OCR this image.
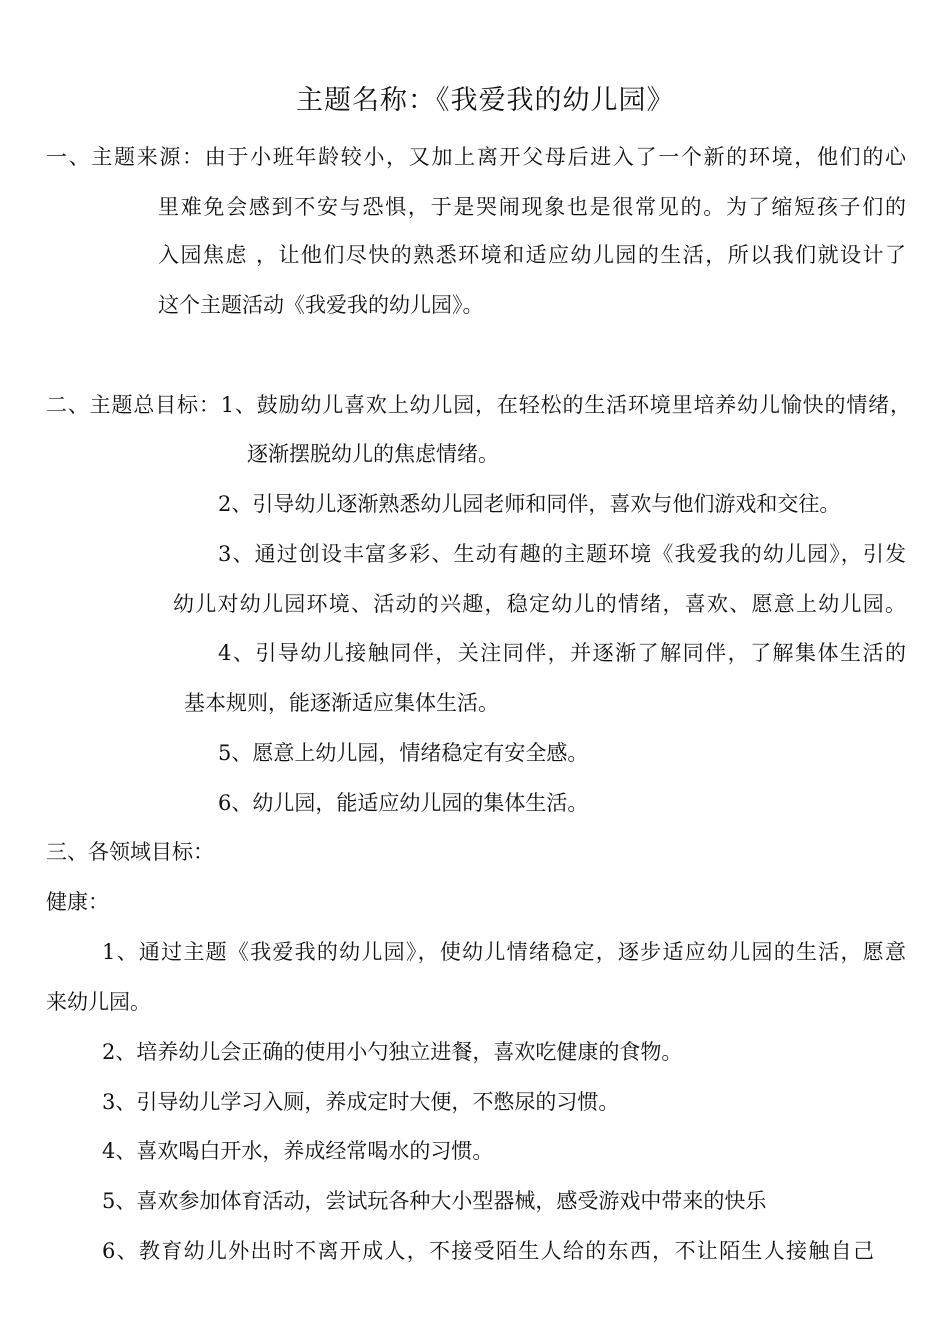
主题名称：《我爱我的幼儿园》

一、主题来源：由于小班年龄较小，又加上离开父母后进入了一个新的环境，他们的心

里难免会感到不安与恐惧，于是哭闹现象也是很常见的。为了缩短孩子们的

入园焦虑 ，让他们尽快的熟悉环境和适应幼儿园的生活，所以我们就设计了

这个主题活动《我爱我的幼儿园》。

二、主题总目标：1、鼓励幼儿喜欢上幼儿园，在轻松的生活环境里培养幼儿愉快的情绪，

逐渐摆脱幼儿的焦虑情绪。

2、引导幼儿逐渐熟悉幼儿园老师和同伴，喜欢与他们游戏和交往。

3、通过创设丰富多彩、生动有趣的主题环境《我爱我的幼儿园》，引发

幼儿对幼儿园环境、活动的兴趣，稳定幼儿的情绪，喜欢、愿意上幼儿园。

4、引导幼儿接触同伴，关注同伴，并逐渐了解同伴，了解集体生活的

基本规则，能逐渐适应集体生活。

5、愿意上幼儿园，情绪稳定有安全感。

6、幼儿园，能适应幼儿园的集体生活。

三、各领域目标：

健康：

1、通过主题《我爱我的幼儿园》，使幼儿情绪稳定，逐步适应幼儿园的生活，愿意

来幼儿园。

2、培养幼儿会正确的使用小勺独立进餐，喜欢吃健康的食物。

3、引导幼儿学习入厕，养成定时大便，不憋尿的习惯。

4、喜欢喝白开水，养成经常喝水的习惯。

5、喜欢参加体育活动，尝试玩各种大小型器械，感受游戏中带来的快乐

6、教育幼儿外出时不离开成人，不接受陌生人给的东西，不让陌生人接触自己
